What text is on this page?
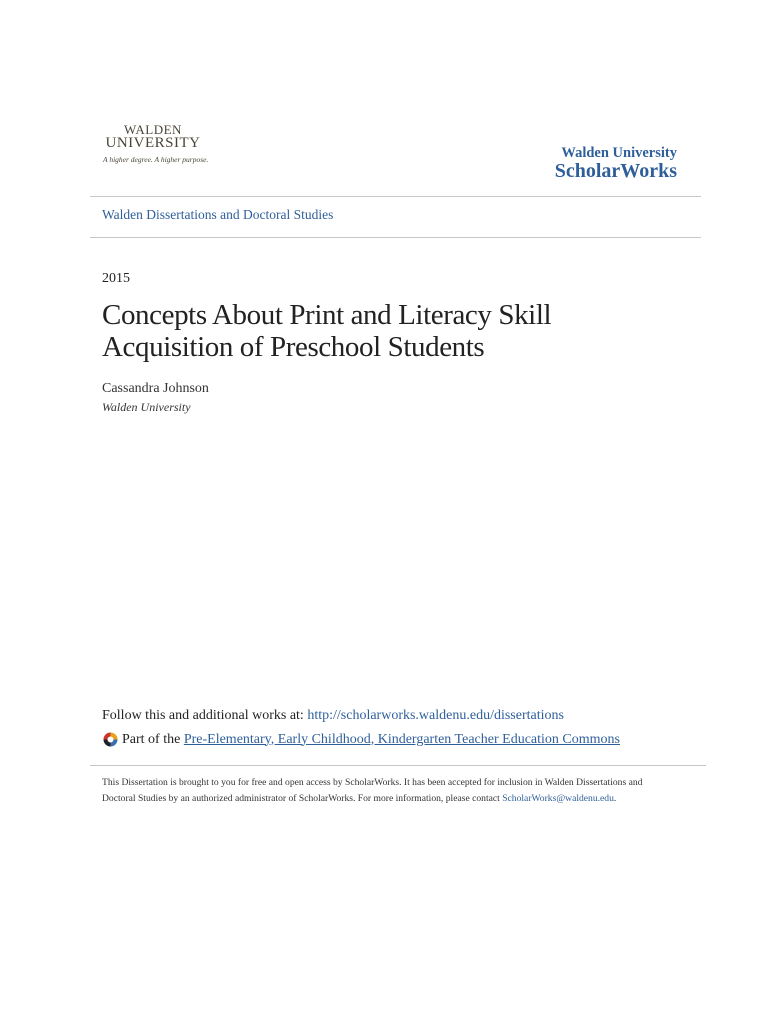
WALDEN
UNIVERSITY
A higher degree. A higher purpose.	Walden University
ScholarWorks
Walden Dissertations and Doctoral Studies
2015
Concepts About Print and Literacy Skill Acquisition of Preschool Students
Cassandra Johnson
Walden University
Follow this and additional works at: http://scholarworks.waldenu.edu/dissertations
Part of the
Pre-Elementary, Early Childhood, Kindergarten Teacher Education Commons
This Dissertation is brought to you for free and open access by ScholarWorks. It has been accepted for inclusion in Walden Dissertations and Doctoral Studies by an authorized administrator of ScholarWorks. For more information, please contact ScholarWorks@waldenu.edu.
